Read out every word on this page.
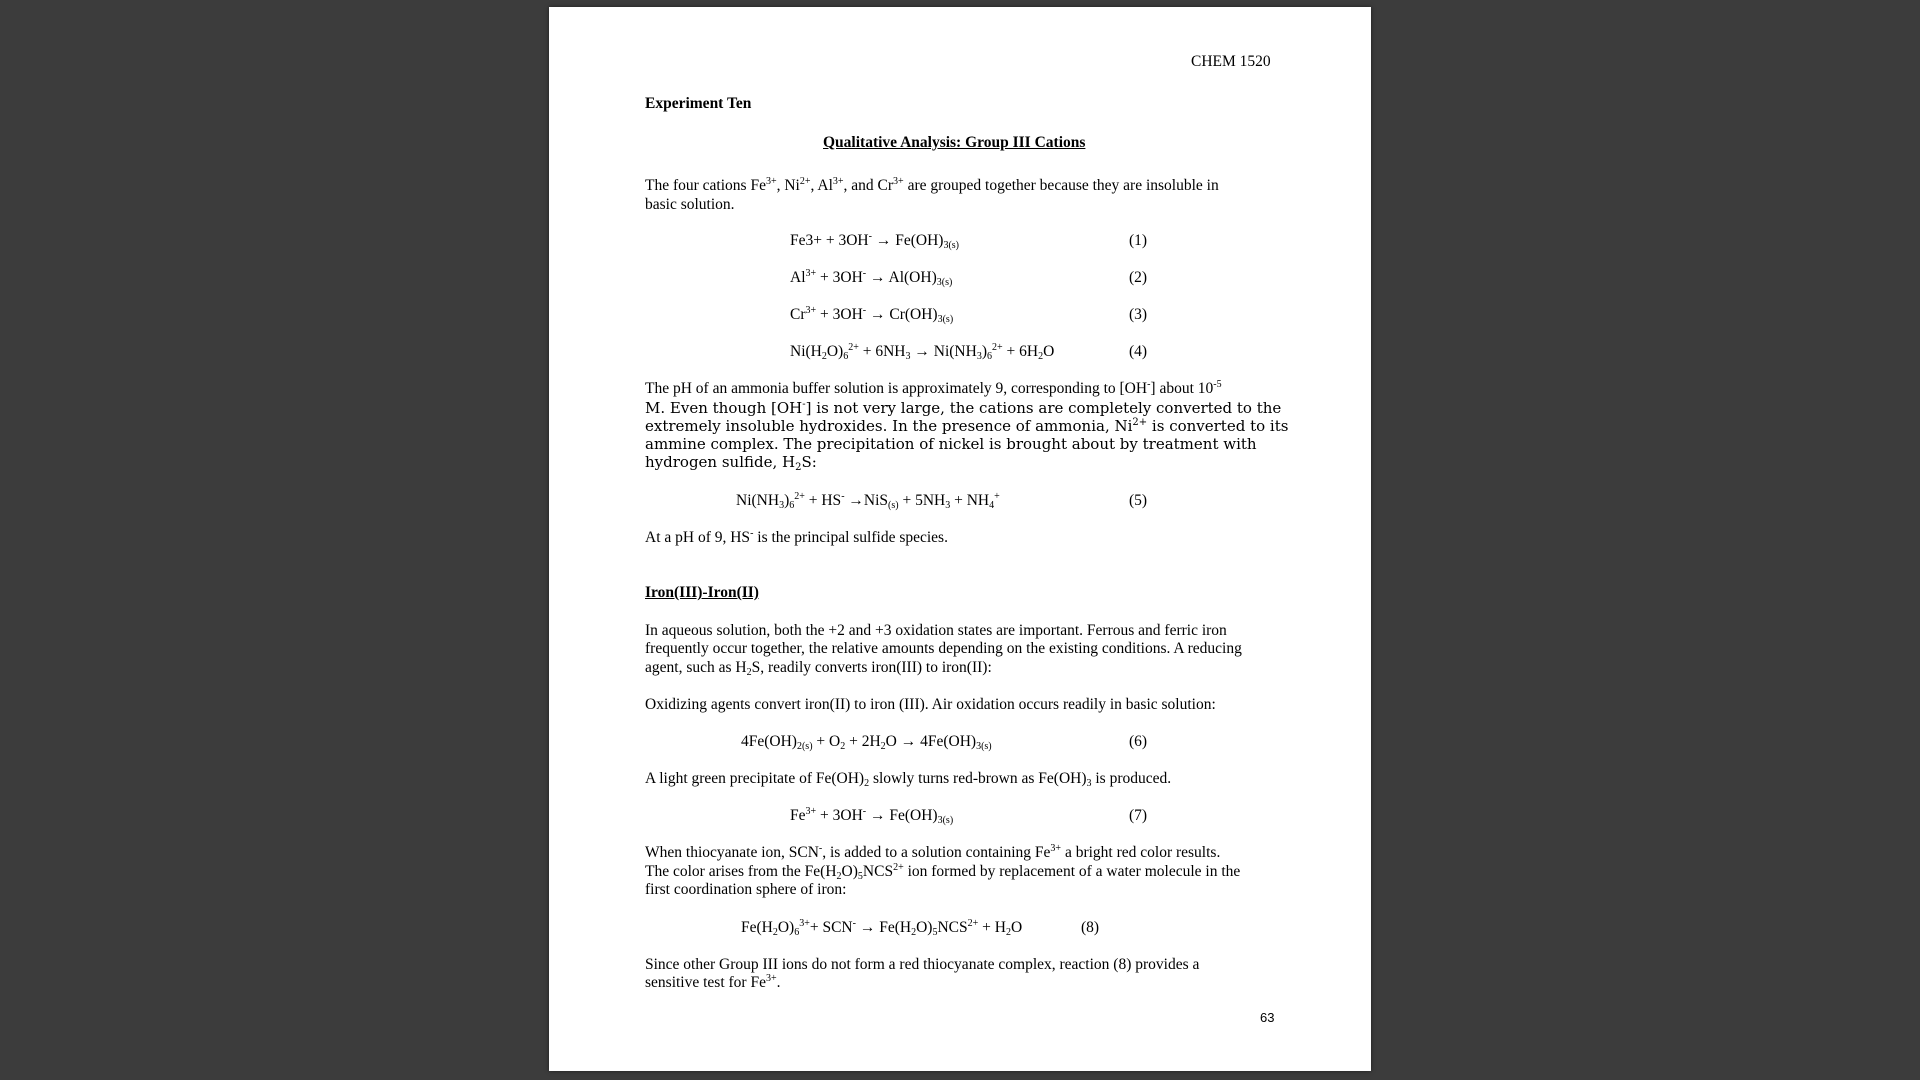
CHEM 1520
Experiment Ten
Qualitative Analysis: Group III Cations
The four cations $Fe^{3+}$, $Ni^{2+}$, $Al^{3+}$, and $Cr^{3+}$ are grouped together because they are insoluble in
basic solution.
$Fe3+ + 3OH^- \to Fe(OH)_{3(s)}$	(1)
$Al^{3+} + 3OH^- \to Al(OH)_{3(s)}$	(2)
$Cr^{3+} + 3OH^- \to Cr(OH)_{3(s)}$	(3)
$Ni(H_2O)_6^{2+} + 6NH_3 \to Ni(NH_3)_6^{2+} + 6H_2O$	(4)
The pH of an ammonia buffer solution is approximately 9, corresponding to [OH-] about $10^{-5}$
M. Even though [OH-] is not very large, the cations are completely converted to the
extremely insoluble hydroxides. In the presence of ammonia, $Ni^{2+}$ is converted to its
ammine complex. The precipitation of nickel is brought about by treatment with
hydrogen sulfide, $H_2S$:
$Ni(NH_3)_6^{2+} + HS^- \to NiS_{(s)} + 5NH_3 + NH_4^+$	(5)
At a pH of 9, HS- is the principal sulfide species.
Iron(III)-Iron(II)
In aqueous solution, both the +2 and +3 oxidation states are important. Ferrous and ferric iron
frequently occur together, the relative amounts depending on the existing conditions. A reducing
agent, such as $H_2S$, readily converts iron(III) to iron(II):
Oxidizing agents convert iron(II) to iron (III). Air oxidation occurs readily in basic solution:
$4Fe(OH)_{2(s)} + O_2 + 2H_2O \to 4Fe(OH)_{3(s)}$	(6)
A light green precipitate of $Fe(OH)_2$ slowly turns red-brown as $Fe(OH)_3$ is produced.
$Fe^{3+} + 3OH^- \to Fe(OH)_{3(s)}$	(7)
When thiocyanate ion, SCN-, is added to a solution containing $Fe^{3+}$ a bright red color results.
The color arises from the $Fe(H_2O)_5NCS^{2+}$ ion formed by replacement of a water molecule in the
first coordination sphere of iron:
$Fe(H_2O)_6^{3+}+ SCN^- \to Fe(H_2O)_5NCS^{2+} + H_2O$	(8)
Since other Group III ions do not form a red thiocyanate complex, reaction (8) provides a
sensitive test for $Fe^{3+}$.
63
